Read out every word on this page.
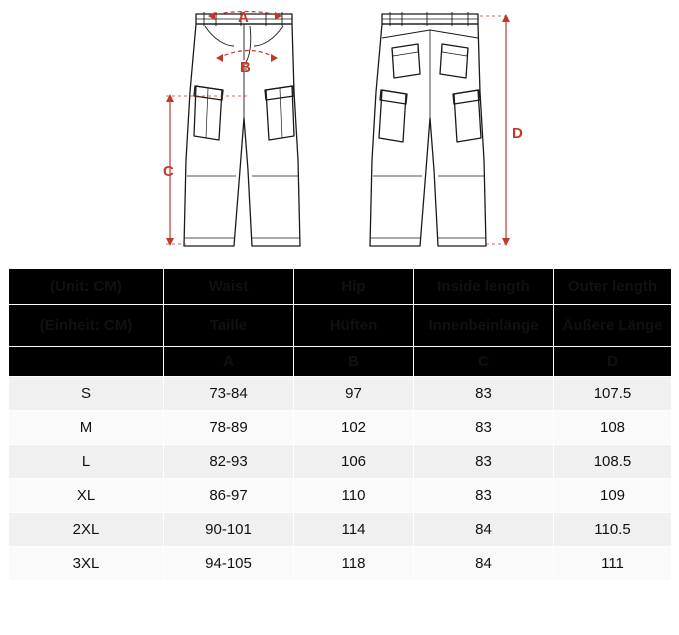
A
B
C
D
(Unit: CM)	Waist	Hip	Inside length	Outer length
(Einheit: CM)	Taille	Hüften	Innenbeinlänge	Äußere Länge
	A	B	C	D
S	73-84	97	83	107.5
M	78-89	102	83	108
L	82-93	106	83	108.5
XL	86-97	110	83	109
2XL	90-101	114	84	110.5
3XL	94-105	118	84	111
